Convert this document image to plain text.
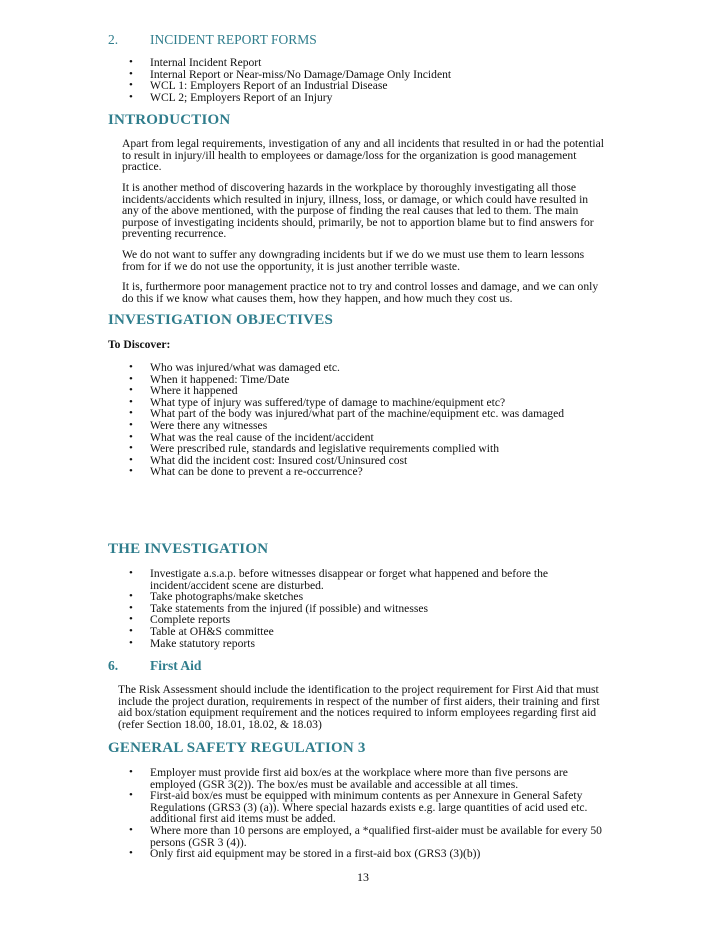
2. INCIDENT REPORT FORMS
• Internal Incident Report
• Internal Report or Near-miss/No Damage/Damage Only Incident
• WCL 1: Employers Report of an Industrial Disease
• WCL 2; Employers Report of an Injury
INTRODUCTION
Apart from legal requirements, investigation of any and all incidents that resulted in or had the potential
to result in injury/ill health to employees or damage/loss for the organization is good management
practice.
It is another method of discovering hazards in the workplace by thoroughly investigating all those
incidents/accidents which resulted in injury, illness, loss, or damage, or which could have resulted in
any of the above mentioned, with the purpose of finding the real causes that led to them. The main
purpose of investigating incidents should, primarily, be not to apportion blame but to find answers for
preventing recurrence.
We do not want to suffer any downgrading incidents but if we do we must use them to learn lessons
from for if we do not use the opportunity, it is just another terrible waste.
It is, furthermore poor management practice not to try and control losses and damage, and we can only
do this if we know what causes them, how they happen, and how much they cost us.
INVESTIGATION OBJECTIVES
To Discover:
• Who was injured/what was damaged etc.
• When it happened: Time/Date
• Where it happened
• What type of injury was suffered/type of damage to machine/equipment etc?
• What part of the body was injured/what part of the machine/equipment etc. was damaged
• Were there any witnesses
• What was the real cause of the incident/accident
• Were prescribed rule, standards and legislative requirements complied with
• What did the incident cost: Insured cost/Uninsured cost
• What can be done to prevent a re-occurrence?
THE INVESTIGATION
• Investigate a.s.a.p. before witnesses disappear or forget what happened and before the
incident/accident scene are disturbed.
• Take photographs/make sketches
• Take statements from the injured (if possible) and witnesses
• Complete reports
• Table at OH&S committee
• Make statutory reports
6. First Aid
The Risk Assessment should include the identification to the project requirement for First Aid that must
include the project duration, requirements in respect of the number of first aiders, their training and first
aid box/station equipment requirement and the notices required to inform employees regarding first aid
(refer Section 18.00, 18.01, 18.02, & 18.03)
GENERAL SAFETY REGULATION 3
• Employer must provide first aid box/es at the workplace where more than five persons are
employed (GSR 3(2)). The box/es must be available and accessible at all times.
• First-aid box/es must be equipped with minimum contents as per Annexure in General Safety
Regulations (GRS3 (3) (a)). Where special hazards exists e.g. large quantities of acid used etc.
additional first aid items must be added.
• Where more than 10 persons are employed, a *qualified first-aider must be available for every 50
persons (GSR 3 (4)).
• Only first aid equipment may be stored in a first-aid box (GRS3 (3)(b))
13
